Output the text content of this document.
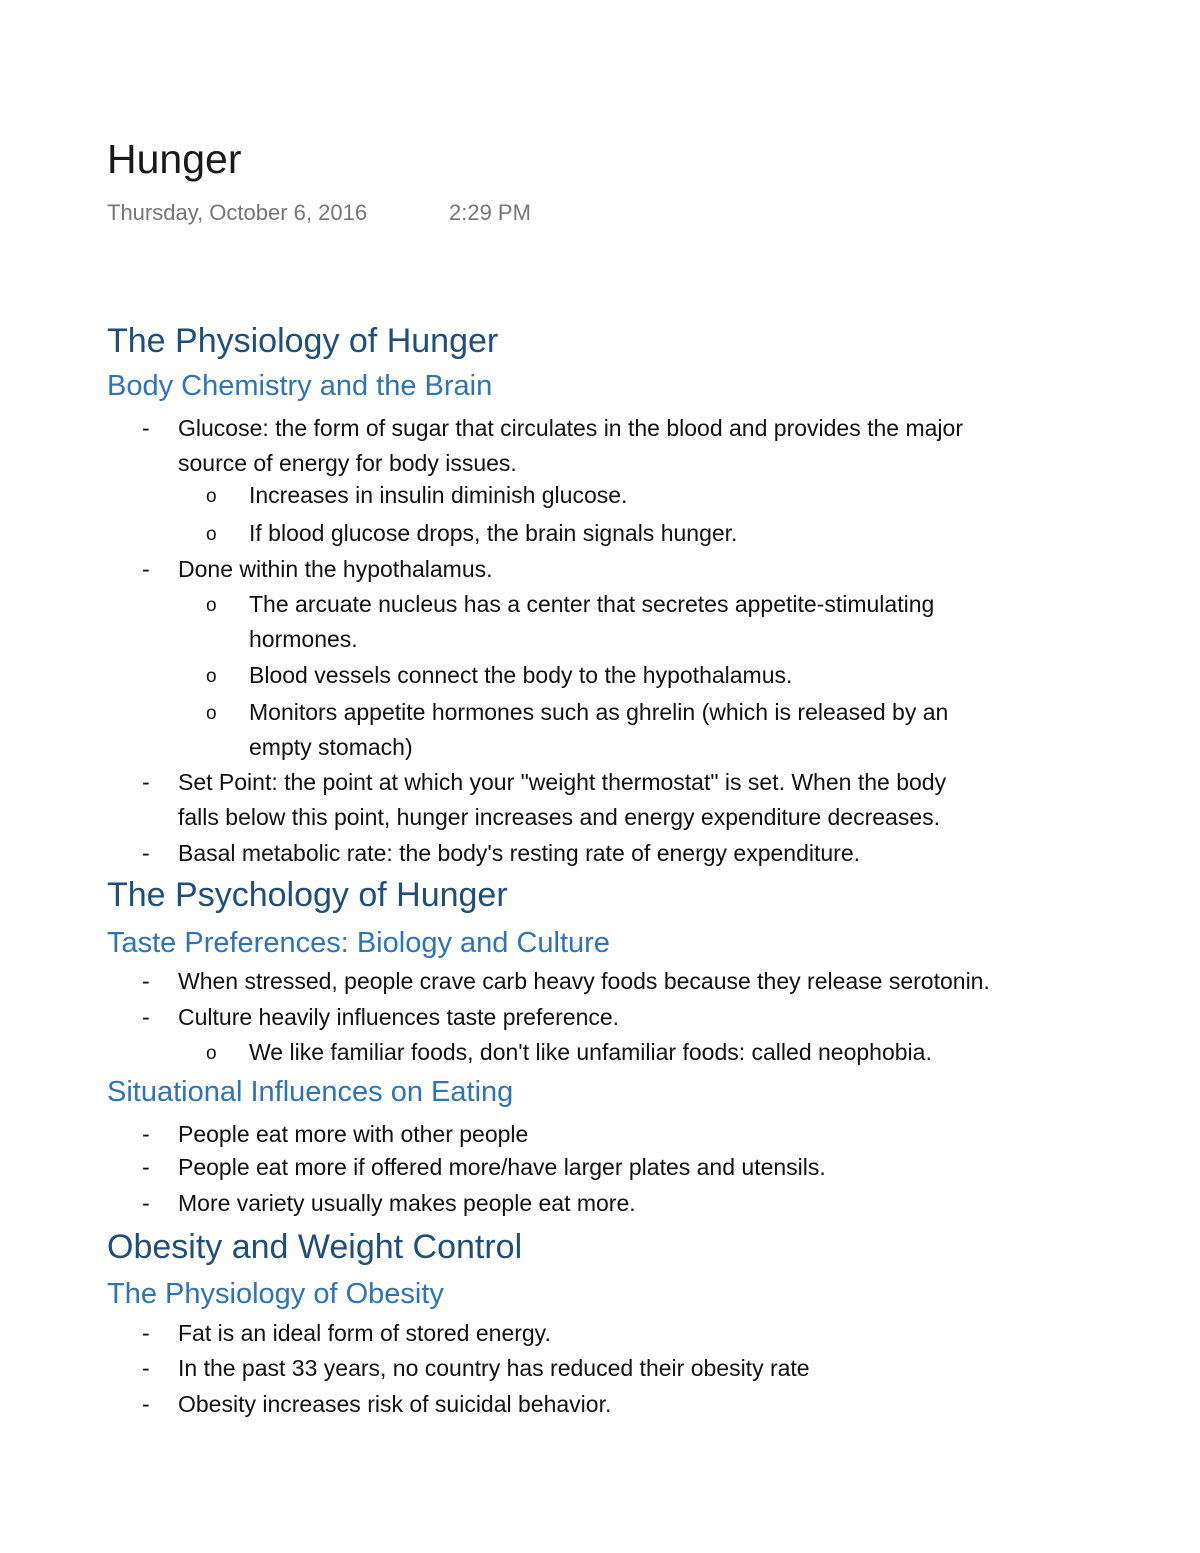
Hunger
Thursday, October 6, 2016	2:29 PM
The Physiology of Hunger
Body Chemistry and the Brain
- Glucose: the form of sugar that circulates in the blood and provides the major
source of energy for body issues.
o Increases in insulin diminish glucose.
o If blood glucose drops, the brain signals hunger.
- Done within the hypothalamus.
o The arcuate nucleus has a center that secretes appetite-stimulating
hormones.
o Blood vessels connect the body to the hypothalamus.
o Monitors appetite hormones such as ghrelin (which is released by an
empty stomach)
- Set Point: the point at which your "weight thermostat" is set. When the body
falls below this point, hunger increases and energy expenditure decreases.
- Basal metabolic rate: the body's resting rate of energy expenditure.
The Psychology of Hunger
Taste Preferences: Biology and Culture
- When stressed, people crave carb heavy foods because they release serotonin.
- Culture heavily influences taste preference.
o We like familiar foods, don't like unfamiliar foods: called neophobia.
Situational Influences on Eating
- People eat more with other people
- People eat more if offered more/have larger plates and utensils.
- More variety usually makes people eat more.
Obesity and Weight Control
The Physiology of Obesity
- Fat is an ideal form of stored energy.
- In the past 33 years, no country has reduced their obesity rate
- Obesity increases risk of suicidal behavior.
